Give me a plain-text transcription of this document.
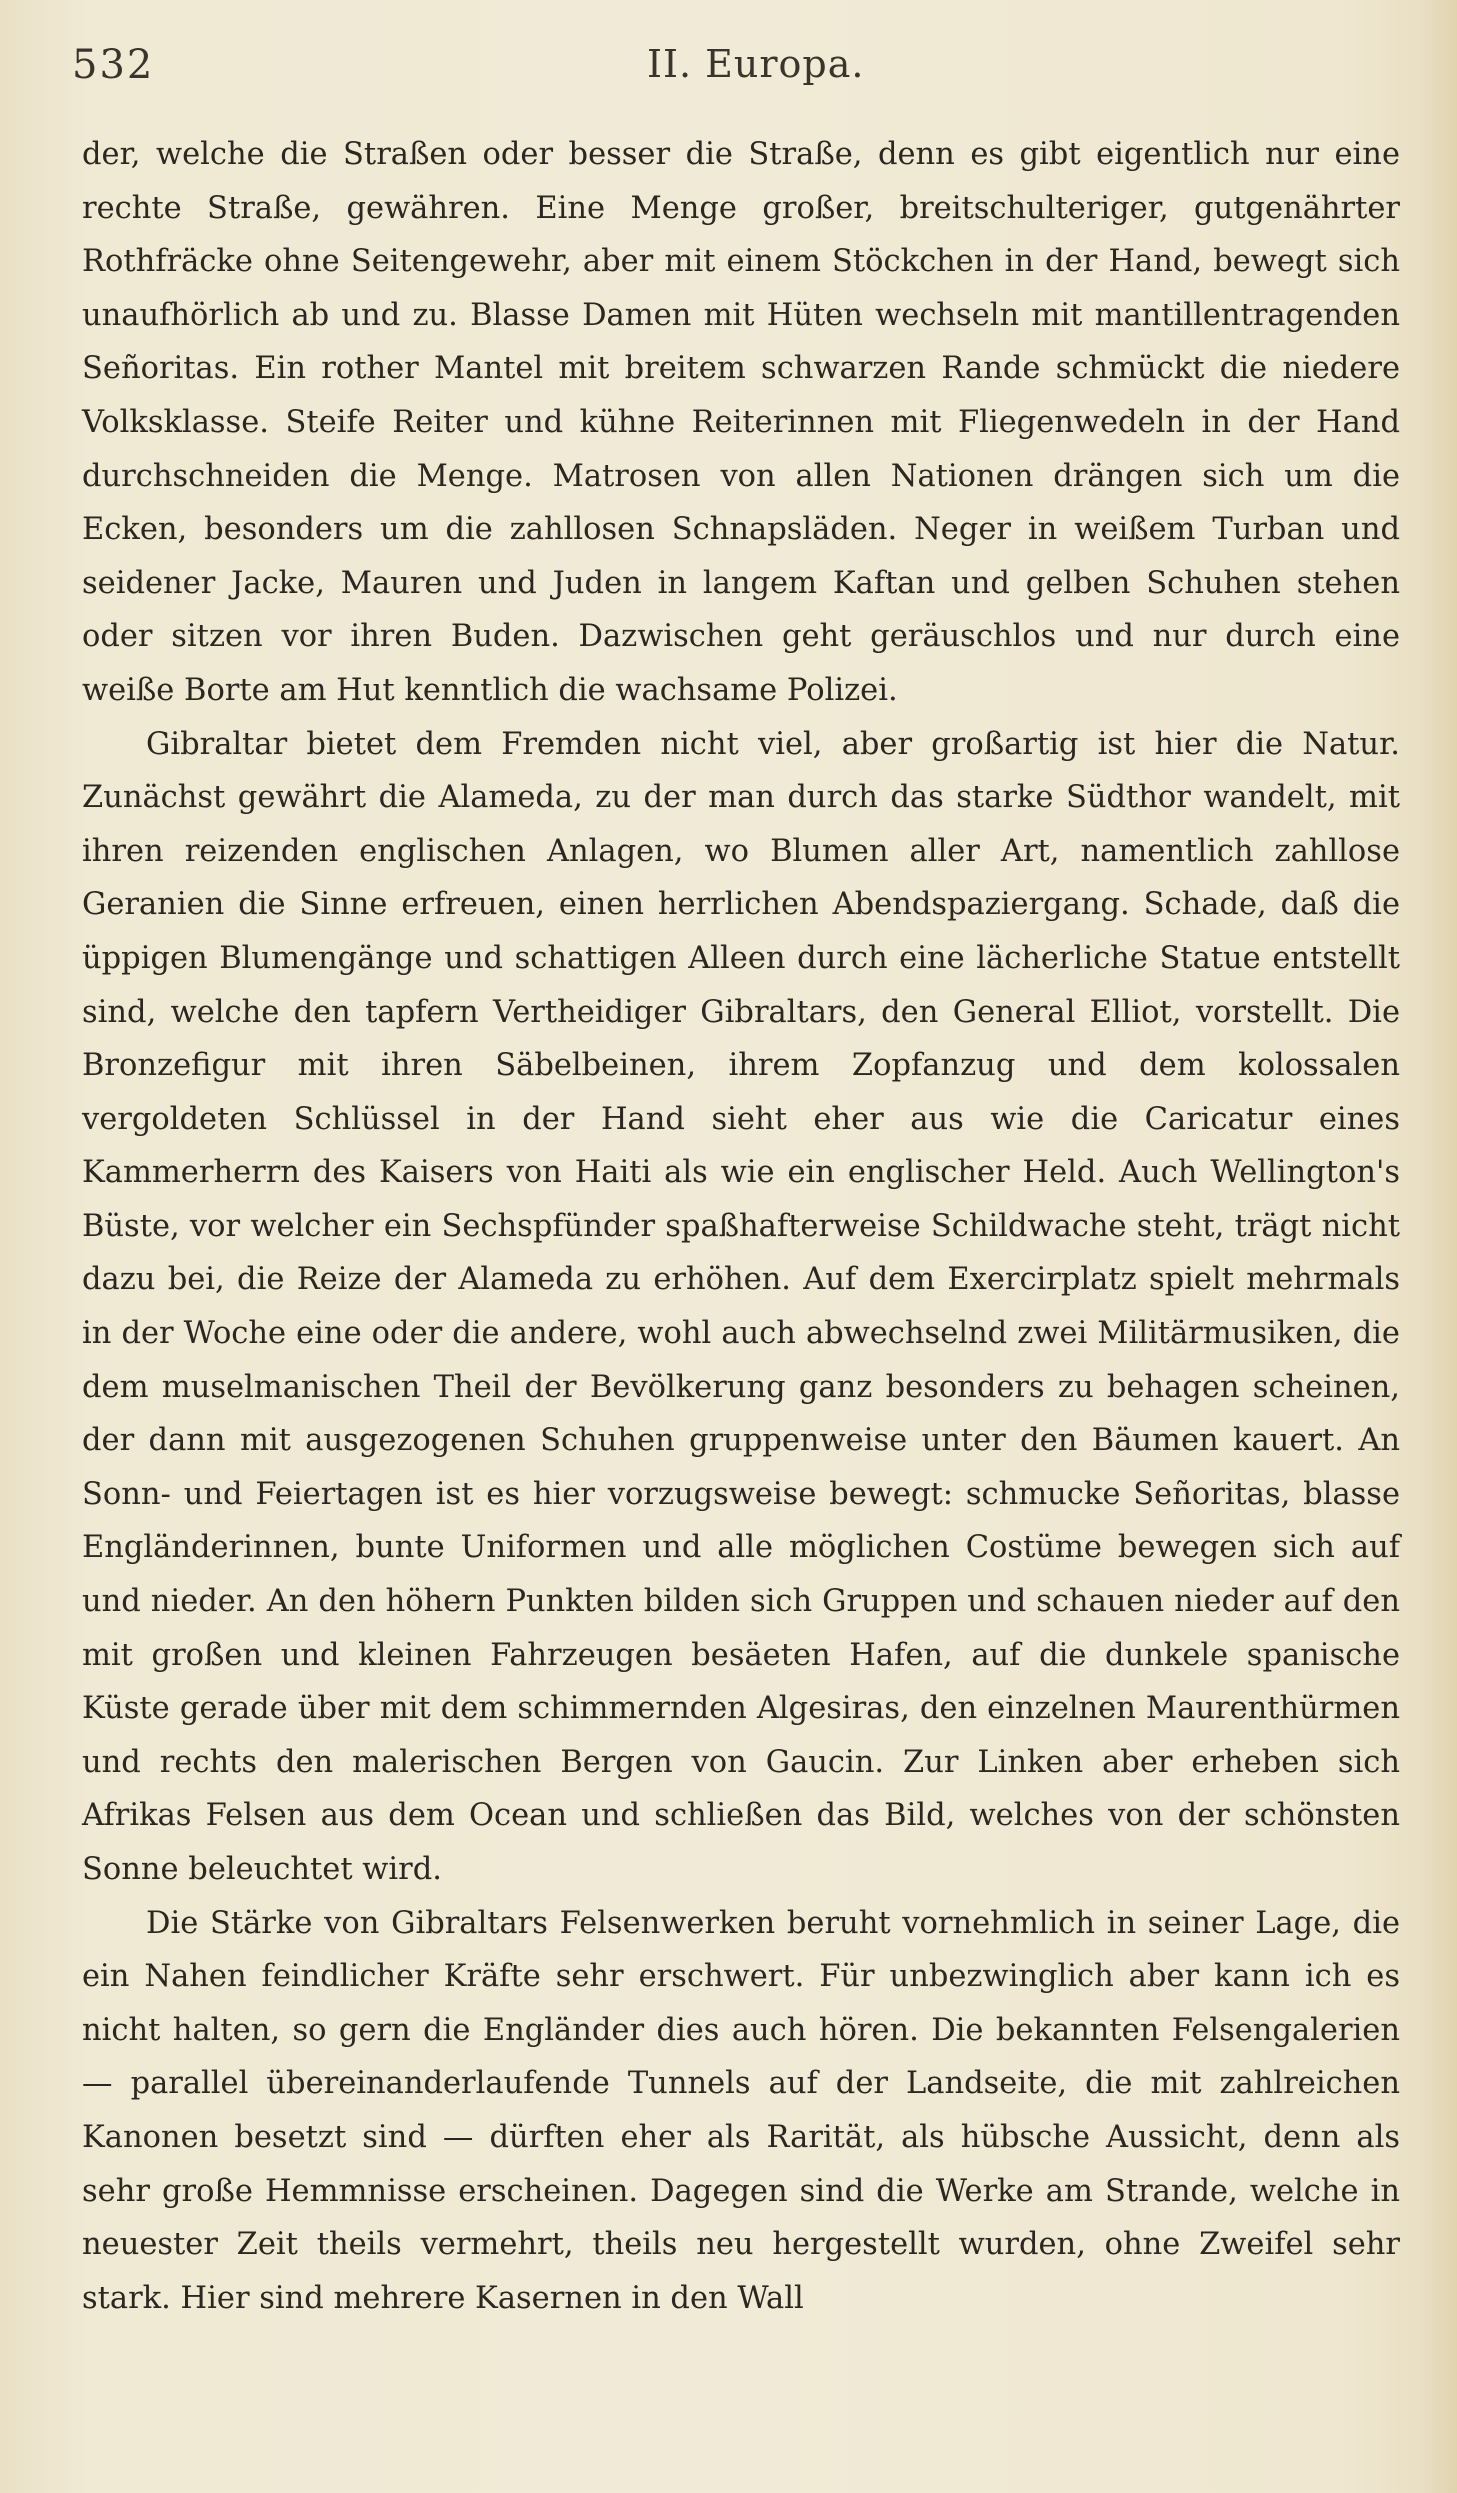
532	II. Europa.

der, welche die Straßen oder besser die Straße, denn es gibt eigentlich nur eine rechte Straße, gewähren. Eine Menge großer, breitschulteriger, gutgenährter Rothfräcke ohne Seitengewehr, aber mit einem Stöckchen in der Hand, bewegt sich unaufhörlich ab und zu. Blasse Damen mit Hüten wechseln mit mantillentragenden Señoritas. Ein rother Mantel mit breitem schwarzen Rande schmückt die niedere Volksklasse. Steife Reiter und kühne Reiterinnen mit Fliegenwedeln in der Hand durchschneiden die Menge. Matrosen von allen Nationen drängen sich um die Ecken, besonders um die zahllosen Schnapsläden. Neger in weißem Turban und seidener Jacke, Mauren und Juden in langem Kaftan und gelben Schuhen stehen oder sitzen vor ihren Buden. Dazwischen geht geräuschlos und nur durch eine weiße Borte am Hut kenntlich die wachsame Polizei.

Gibraltar bietet dem Fremden nicht viel, aber großartig ist hier die Natur. Zunächst gewährt die Alameda, zu der man durch das starke Südthor wandelt, mit ihren reizenden englischen Anlagen, wo Blumen aller Art, namentlich zahllose Geranien die Sinne erfreuen, einen herrlichen Abendspaziergang. Schade, daß die üppigen Blumengänge und schattigen Alleen durch eine lächerliche Statue entstellt sind, welche den tapfern Vertheidiger Gibraltars, den General Elliot, vorstellt. Die Bronzefigur mit ihren Säbelbeinen, ihrem Zopfanzug und dem kolossalen vergoldeten Schlüssel in der Hand sieht eher aus wie die Caricatur eines Kammerherrn des Kaisers von Haiti als wie ein englischer Held. Auch Wellington's Büste, vor welcher ein Sechspfünder spaßhafterweise Schildwache steht, trägt nicht dazu bei, die Reize der Alameda zu erhöhen. Auf dem Exercirplatz spielt mehrmals in der Woche eine oder die andere, wohl auch abwechselnd zwei Militärmusiken, die dem muselmanischen Theil der Bevölkerung ganz besonders zu behagen scheinen, der dann mit ausgezogenen Schuhen gruppenweise unter den Bäumen kauert. An Sonn- und Feiertagen ist es hier vorzugsweise bewegt: schmucke Señoritas, blasse Engländerinnen, bunte Uniformen und alle möglichen Costüme bewegen sich auf und nieder. An den höhern Punkten bilden sich Gruppen und schauen nieder auf den mit großen und kleinen Fahrzeugen besäeten Hafen, auf die dunkele spanische Küste gerade über mit dem schimmernden Algesiras, den einzelnen Maurenthürmen und rechts den malerischen Bergen von Gaucin. Zur Linken aber erheben sich Afrikas Felsen aus dem Ocean und schließen das Bild, welches von der schönsten Sonne beleuchtet wird.

Die Stärke von Gibraltars Felsenwerken beruht vornehmlich in seiner Lage, die ein Nahen feindlicher Kräfte sehr erschwert. Für unbezwinglich aber kann ich es nicht halten, so gern die Engländer dies auch hören. Die bekannten Felsengalerien — parallel übereinanderlaufende Tunnels auf der Landseite, die mit zahlreichen Kanonen besetzt sind — dürften eher als Rarität, als hübsche Aussicht, denn als sehr große Hemmnisse erscheinen. Dagegen sind die Werke am Strande, welche in neuester Zeit theils vermehrt, theils neu hergestellt wurden, ohne Zweifel sehr stark. Hier sind mehrere Kasernen in den Wall
